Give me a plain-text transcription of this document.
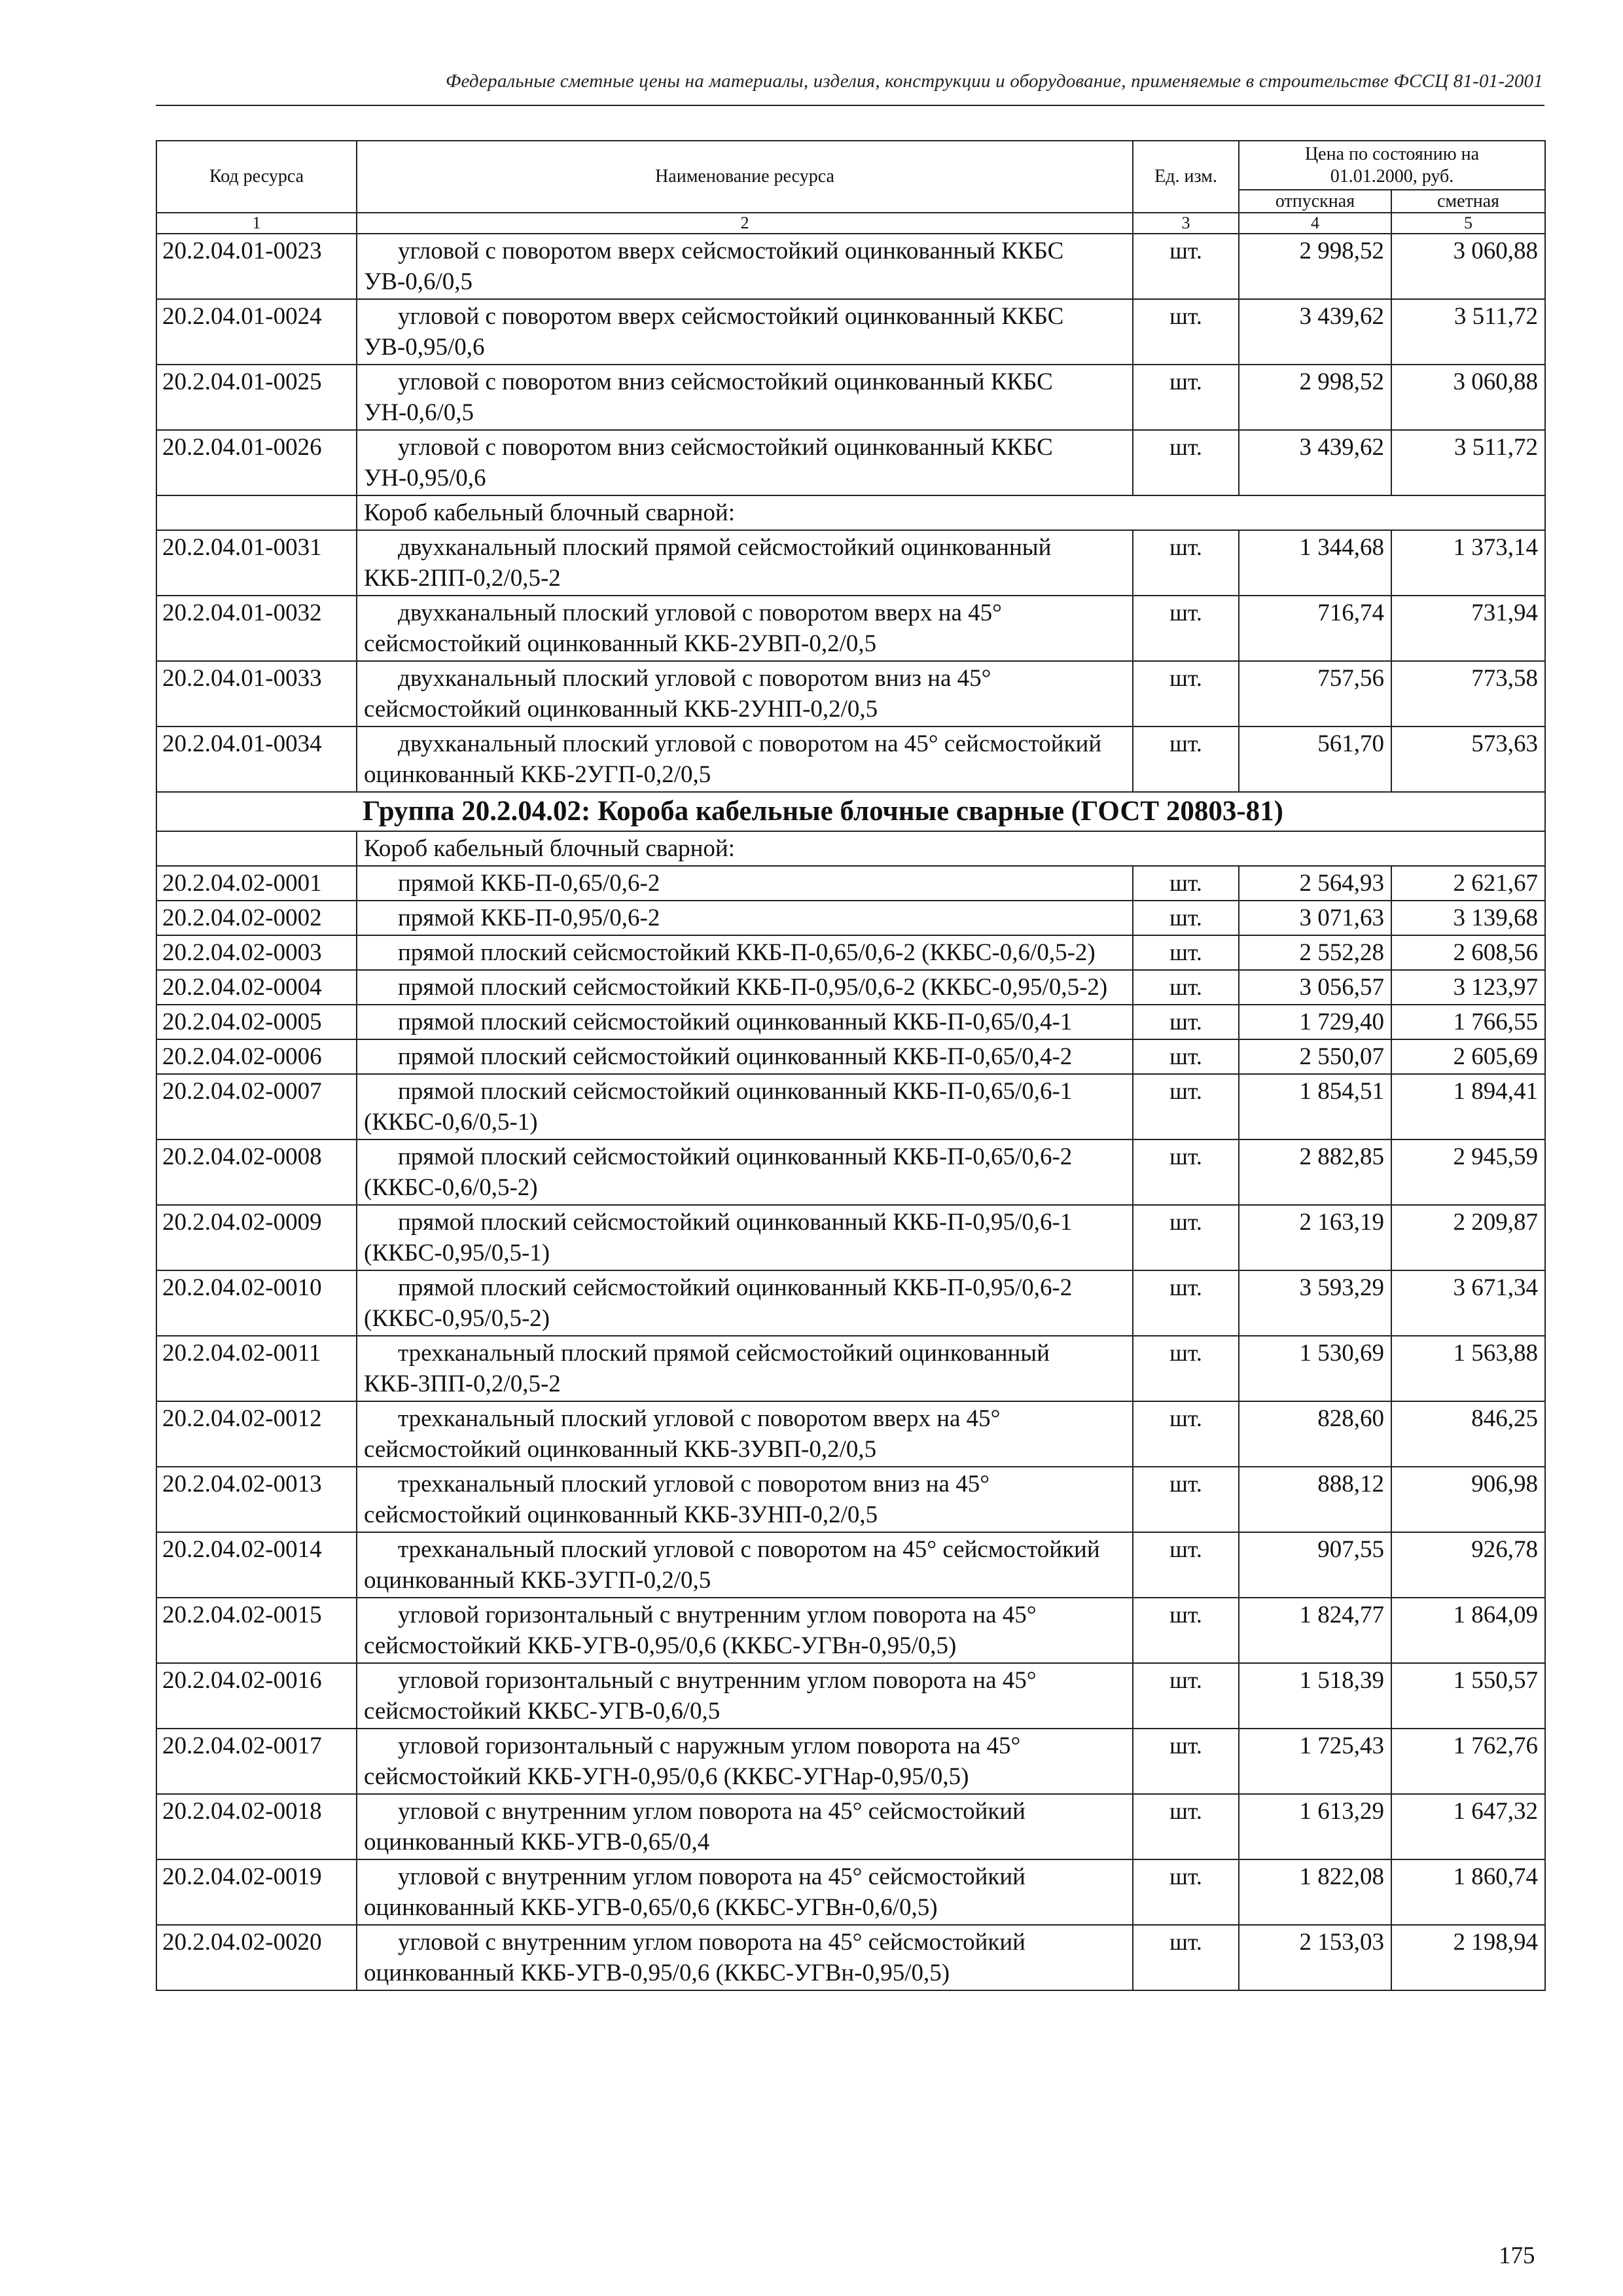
Федеральные сметные цены на материалы, изделия, конструкции и оборудование, применяемые в строительстве ФССЦ 81-01-2001
Код ресурса	Наименование ресурса	Ед. изм.	Цена по состоянию на 01.01.2000, руб.	
			отпускная	сметная
1	2	3	4	5
20.2.04.01-0023	угловой с поворотом вверх сейсмостойкий оцинкованный ККБС УВ-0,6/0,5	шт.	2 998,52	3 060,88
20.2.04.01-0024	угловой с поворотом вверх сейсмостойкий оцинкованный ККБС УВ-0,95/0,6	шт.	3 439,62	3 511,72
20.2.04.01-0025	угловой с поворотом вниз сейсмостойкий оцинкованный ККБС УН-0,6/0,5	шт.	2 998,52	3 060,88
20.2.04.01-0026	угловой с поворотом вниз сейсмостойкий оцинкованный ККБС УН-0,95/0,6	шт.	3 439,62	3 511,72
	Короб кабельный блочный сварной:			
20.2.04.01-0031	двухканальный плоский прямой сейсмостойкий оцинкованный ККБ-2ПП-0,2/0,5-2	шт.	1 344,68	1 373,14
20.2.04.01-0032	двухканальный плоский угловой с поворотом вверх на 45° сейсмостойкий оцинкованный ККБ-2УВП-0,2/0,5	шт.	716,74	731,94
20.2.04.01-0033	двухканальный плоский угловой с поворотом вниз на 45° сейсмостойкий оцинкованный ККБ-2УНП-0,2/0,5	шт.	757,56	773,58
20.2.04.01-0034	двухканальный плоский угловой с поворотом на 45° сейсмостойкий оцинкованный ККБ-2УГП-0,2/0,5	шт.	561,70	573,63
Группа 20.2.04.02: Короба кабельные блочные сварные (ГОСТ 20803-81)				
	Короб кабельный блочный сварной:			
20.2.04.02-0001	прямой ККБ-П-0,65/0,6-2	шт.	2 564,93	2 621,67
20.2.04.02-0002	прямой ККБ-П-0,95/0,6-2	шт.	3 071,63	3 139,68
20.2.04.02-0003	прямой плоский сейсмостойкий ККБ-П-0,65/0,6-2 (ККБС-0,6/0,5-2)	шт.	2 552,28	2 608,56
20.2.04.02-0004	прямой плоский сейсмостойкий ККБ-П-0,95/0,6-2 (ККБС-0,95/0,5-2)	шт.	3 056,57	3 123,97
20.2.04.02-0005	прямой плоский сейсмостойкий оцинкованный ККБ-П-0,65/0,4-1	шт.	1 729,40	1 766,55
20.2.04.02-0006	прямой плоский сейсмостойкий оцинкованный ККБ-П-0,65/0,4-2	шт.	2 550,07	2 605,69
20.2.04.02-0007	прямой плоский сейсмостойкий оцинкованный ККБ-П-0,65/0,6-1 (ККБС-0,6/0,5-1)	шт.	1 854,51	1 894,41
20.2.04.02-0008	прямой плоский сейсмостойкий оцинкованный ККБ-П-0,65/0,6-2 (ККБС-0,6/0,5-2)	шт.	2 882,85	2 945,59
20.2.04.02-0009	прямой плоский сейсмостойкий оцинкованный ККБ-П-0,95/0,6-1 (ККБС-0,95/0,5-1)	шт.	2 163,19	2 209,87
20.2.04.02-0010	прямой плоский сейсмостойкий оцинкованный ККБ-П-0,95/0,6-2 (ККБС-0,95/0,5-2)	шт.	3 593,29	3 671,34
20.2.04.02-0011	трехканальный плоский прямой сейсмостойкий оцинкованный ККБ-3ПП-0,2/0,5-2	шт.	1 530,69	1 563,88
20.2.04.02-0012	трехканальный плоский угловой с поворотом вверх на 45° сейсмостойкий оцинкованный ККБ-3УВП-0,2/0,5	шт.	828,60	846,25
20.2.04.02-0013	трехканальный плоский угловой с поворотом вниз на 45° сейсмостойкий оцинкованный ККБ-3УНП-0,2/0,5	шт.	888,12	906,98
20.2.04.02-0014	трехканальный плоский угловой с поворотом на 45° сейсмостойкий оцинкованный ККБ-3УГП-0,2/0,5	шт.	907,55	926,78
20.2.04.02-0015	угловой горизонтальный с внутренним углом поворота на 45° сейсмостойкий ККБ-УГВ-0,95/0,6 (ККБС-УГВн-0,95/0,5)	шт.	1 824,77	1 864,09
20.2.04.02-0016	угловой горизонтальный с внутренним углом поворота на 45° сейсмостойкий ККБС-УГВ-0,6/0,5	шт.	1 518,39	1 550,57
20.2.04.02-0017	угловой горизонтальный с наружным углом поворота на 45° сейсмостойкий ККБ-УГН-0,95/0,6 (ККБС-УГНар-0,95/0,5)	шт.	1 725,43	1 762,76
20.2.04.02-0018	угловой с внутренним углом поворота на 45° сейсмостойкий оцинкованный ККБ-УГВ-0,65/0,4	шт.	1 613,29	1 647,32
20.2.04.02-0019	угловой с внутренним углом поворота на 45° сейсмостойкий оцинкованный ККБ-УГВ-0,65/0,6 (ККБС-УГВн-0,6/0,5)	шт.	1 822,08	1 860,74
20.2.04.02-0020	угловой с внутренним углом поворота на 45° сейсмостойкий оцинкованный ККБ-УГВ-0,95/0,6 (ККБС-УГВн-0,95/0,5)	шт.	2 153,03	2 198,94
175
